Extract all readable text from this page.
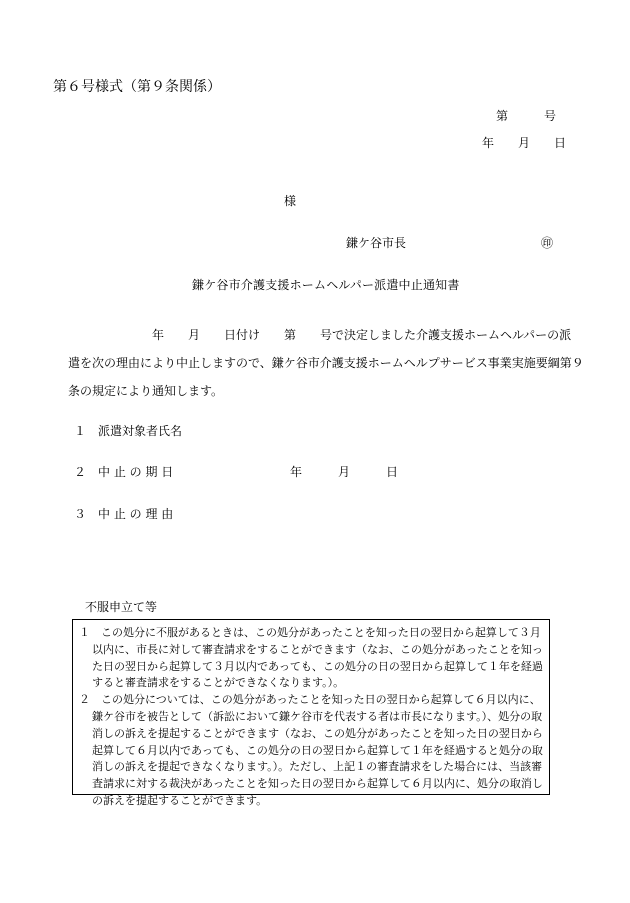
第６号様式（第９条関係）
第　　　号
年　　月　　日
様
鎌ケ谷市長	㊞
鎌ケ谷市介護支援ホームヘルパー派遣中止通知書
　　　　　　　年　　月　　日付け　　第　　号で決定しました介護支援ホームヘルパーの派
遣を次の理由により中止しますので、鎌ケ谷市介護支援ホームヘルプサービス事業実施要綱第９
条の規定により通知します。
１　派遣対象者氏名
２　中 止 の 期 日	年　　　月　　　日
３　中 止 の 理 由
不服申立て等
１　この処分に不服があるときは、この処分があったことを知った日の翌日から起算して３月
以内に、市長に対して審査請求をすることができます（なお、この処分があったことを知っ
た日の翌日から起算して３月以内であっても、この処分の日の翌日から起算して１年を経過
すると審査請求をすることができなくなります。）。
２　この処分については、この処分があったことを知った日の翌日から起算して６月以内に、
鎌ケ谷市を被告として（訴訟において鎌ケ谷市を代表する者は市長になります。）、処分の取
消しの訴えを提起することができます（なお、この処分があったことを知った日の翌日から
起算して６月以内であっても、この処分の日の翌日から起算して１年を経過すると処分の取
消しの訴えを提起できなくなります。）。ただし、上記１の審査請求をした場合には、当該審
査請求に対する裁決があったことを知った日の翌日から起算して６月以内に、処分の取消し
の訴えを提起することができます。
